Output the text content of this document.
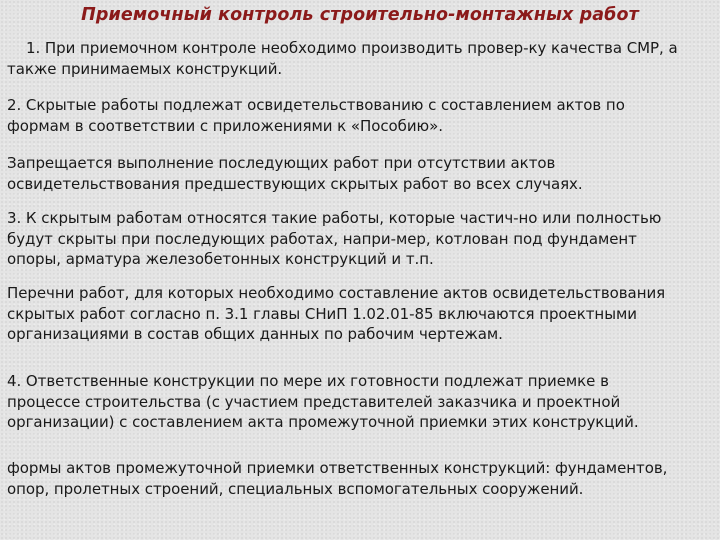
Приемочный контроль строительно-монтажных работ

1. При приемочном контроле необходимо производить провер-ку качества СМР, а
также принимаемых конструкций.

2. Скрытые работы подлежат освидетельствованию с составлением актов по
формам в соответствии с приложениями к «Пособию».

Запрещается выполнение последующих работ при отсутствии актов
освидетельствования предшествующих скрытых работ во всех случаях.

3. К скрытым работам относятся такие работы, которые частич-но или полностью
будут скрыты при последующих работах, напри-мер, котлован под фундамент
опоры, арматура железобетонных конструкций и т.п.

Перечни работ, для которых необходимо составление актов освидетельствования
скрытых работ согласно п. 3.1 главы СНиП 1.02.01-85 включаются проектными
организациями в состав общих данных по рабочим чертежам.

4. Ответственные конструкции по мере их готовности подлежат приемке в
процессе строительства (с участием представителей заказчика и проектной
организации) с составлением акта промежуточной приемки этих конструкций.

формы актов промежуточной приемки ответственных конструкций: фундаментов,
опор, пролетных строений, специальных вспомогательных сооружений.
